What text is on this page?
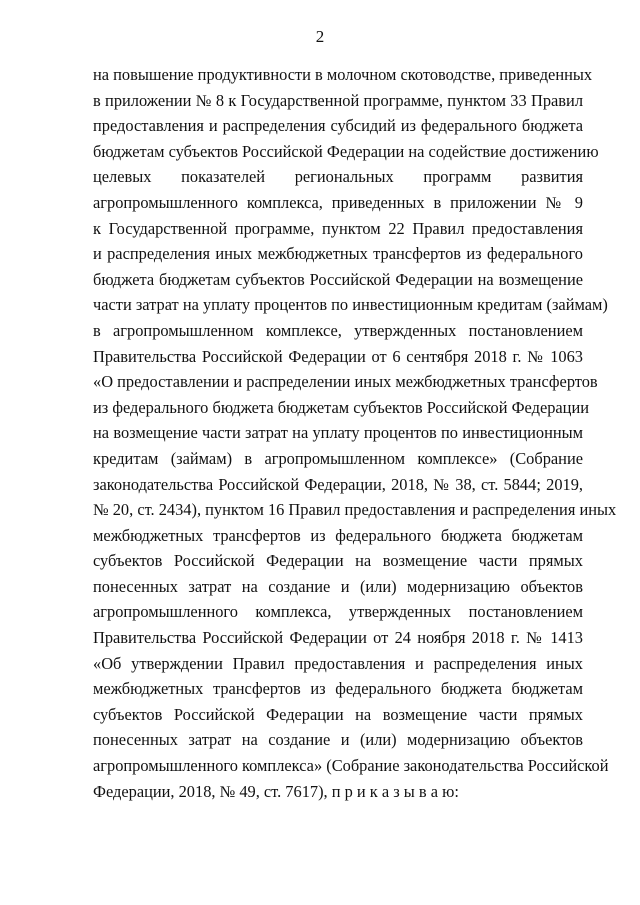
2
на повышение продуктивности в молочном скотоводстве, приведенных
в приложении № 8 к Государственной программе, пунктом 33 Правил
предоставления и распределения субсидий из федерального бюджета
бюджетам субъектов Российской Федерации на содействие достижению
целевых показателей региональных программ развития
агропромышленного комплекса, приведенных в приложении № 9
к Государственной программе, пунктом 22 Правил предоставления
и распределения иных межбюджетных трансфертов из федерального
бюджета бюджетам субъектов Российской Федерации на возмещение
части затрат на уплату процентов по инвестиционным кредитам (займам)
в агропромышленном комплексе, утвержденных постановлением
Правительства Российской Федерации от 6 сентября 2018 г. № 1063
«О предоставлении и распределении иных межбюджетных трансфертов
из федерального бюджета бюджетам субъектов Российской Федерации
на возмещение части затрат на уплату процентов по инвестиционным
кредитам (займам) в агропромышленном комплексе» (Собрание
законодательства Российской Федерации, 2018, № 38, ст. 5844; 2019,
№ 20, ст. 2434), пунктом 16 Правил предоставления и распределения иных
межбюджетных трансфертов из федерального бюджета бюджетам
субъектов Российской Федерации на возмещение части прямых
понесенных затрат на создание и (или) модернизацию объектов
агропромышленного комплекса, утвержденных постановлением
Правительства Российской Федерации от 24 ноября 2018 г. № 1413
«Об утверждении Правил предоставления и распределения иных
межбюджетных трансфертов из федерального бюджета бюджетам
субъектов Российской Федерации на возмещение части прямых
понесенных затрат на создание и (или) модернизацию объектов
агропромышленного комплекса» (Собрание законодательства Российской
Федерации, 2018, № 49, ст. 7617), п р и к а з ы в а ю:
